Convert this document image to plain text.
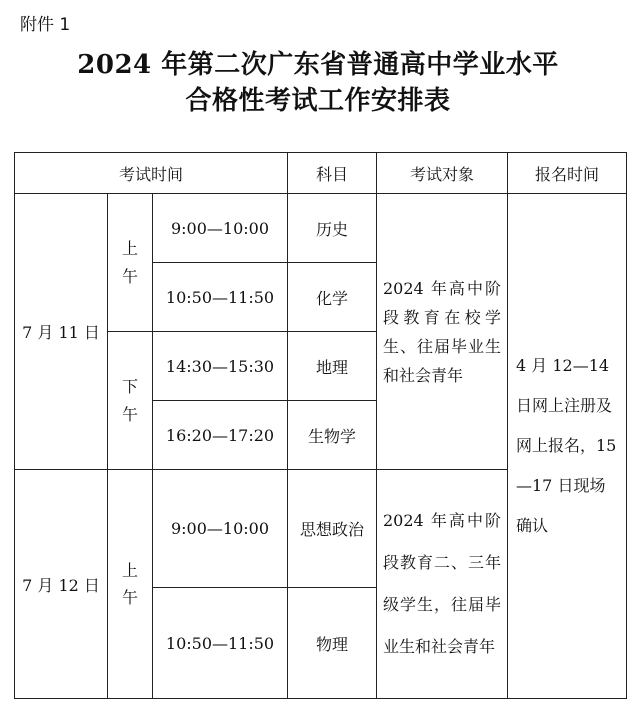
附件 1
2024 年第二次广东省普通高中学业水平
合格性考试工作安排表
考试时间			科目	考试对象	报名时间
7 月 11 日	上午	9:00—10:00	历史	2024 年高中阶段教育在校学生、往届毕业生和社会青年	4 月 12—14 日网上注册及网上报名，15—17 日现场确认

		10:50—11:50	化学		
	下午	14:30—15:30	地理		
		16:20—17:20	生物学		
7 月 12 日	上午	9:00—10:00	思想政治	2024 年高中阶段教育二、三年级学生，往届毕业生和社会青年	

		10:50—11:50	物理		
